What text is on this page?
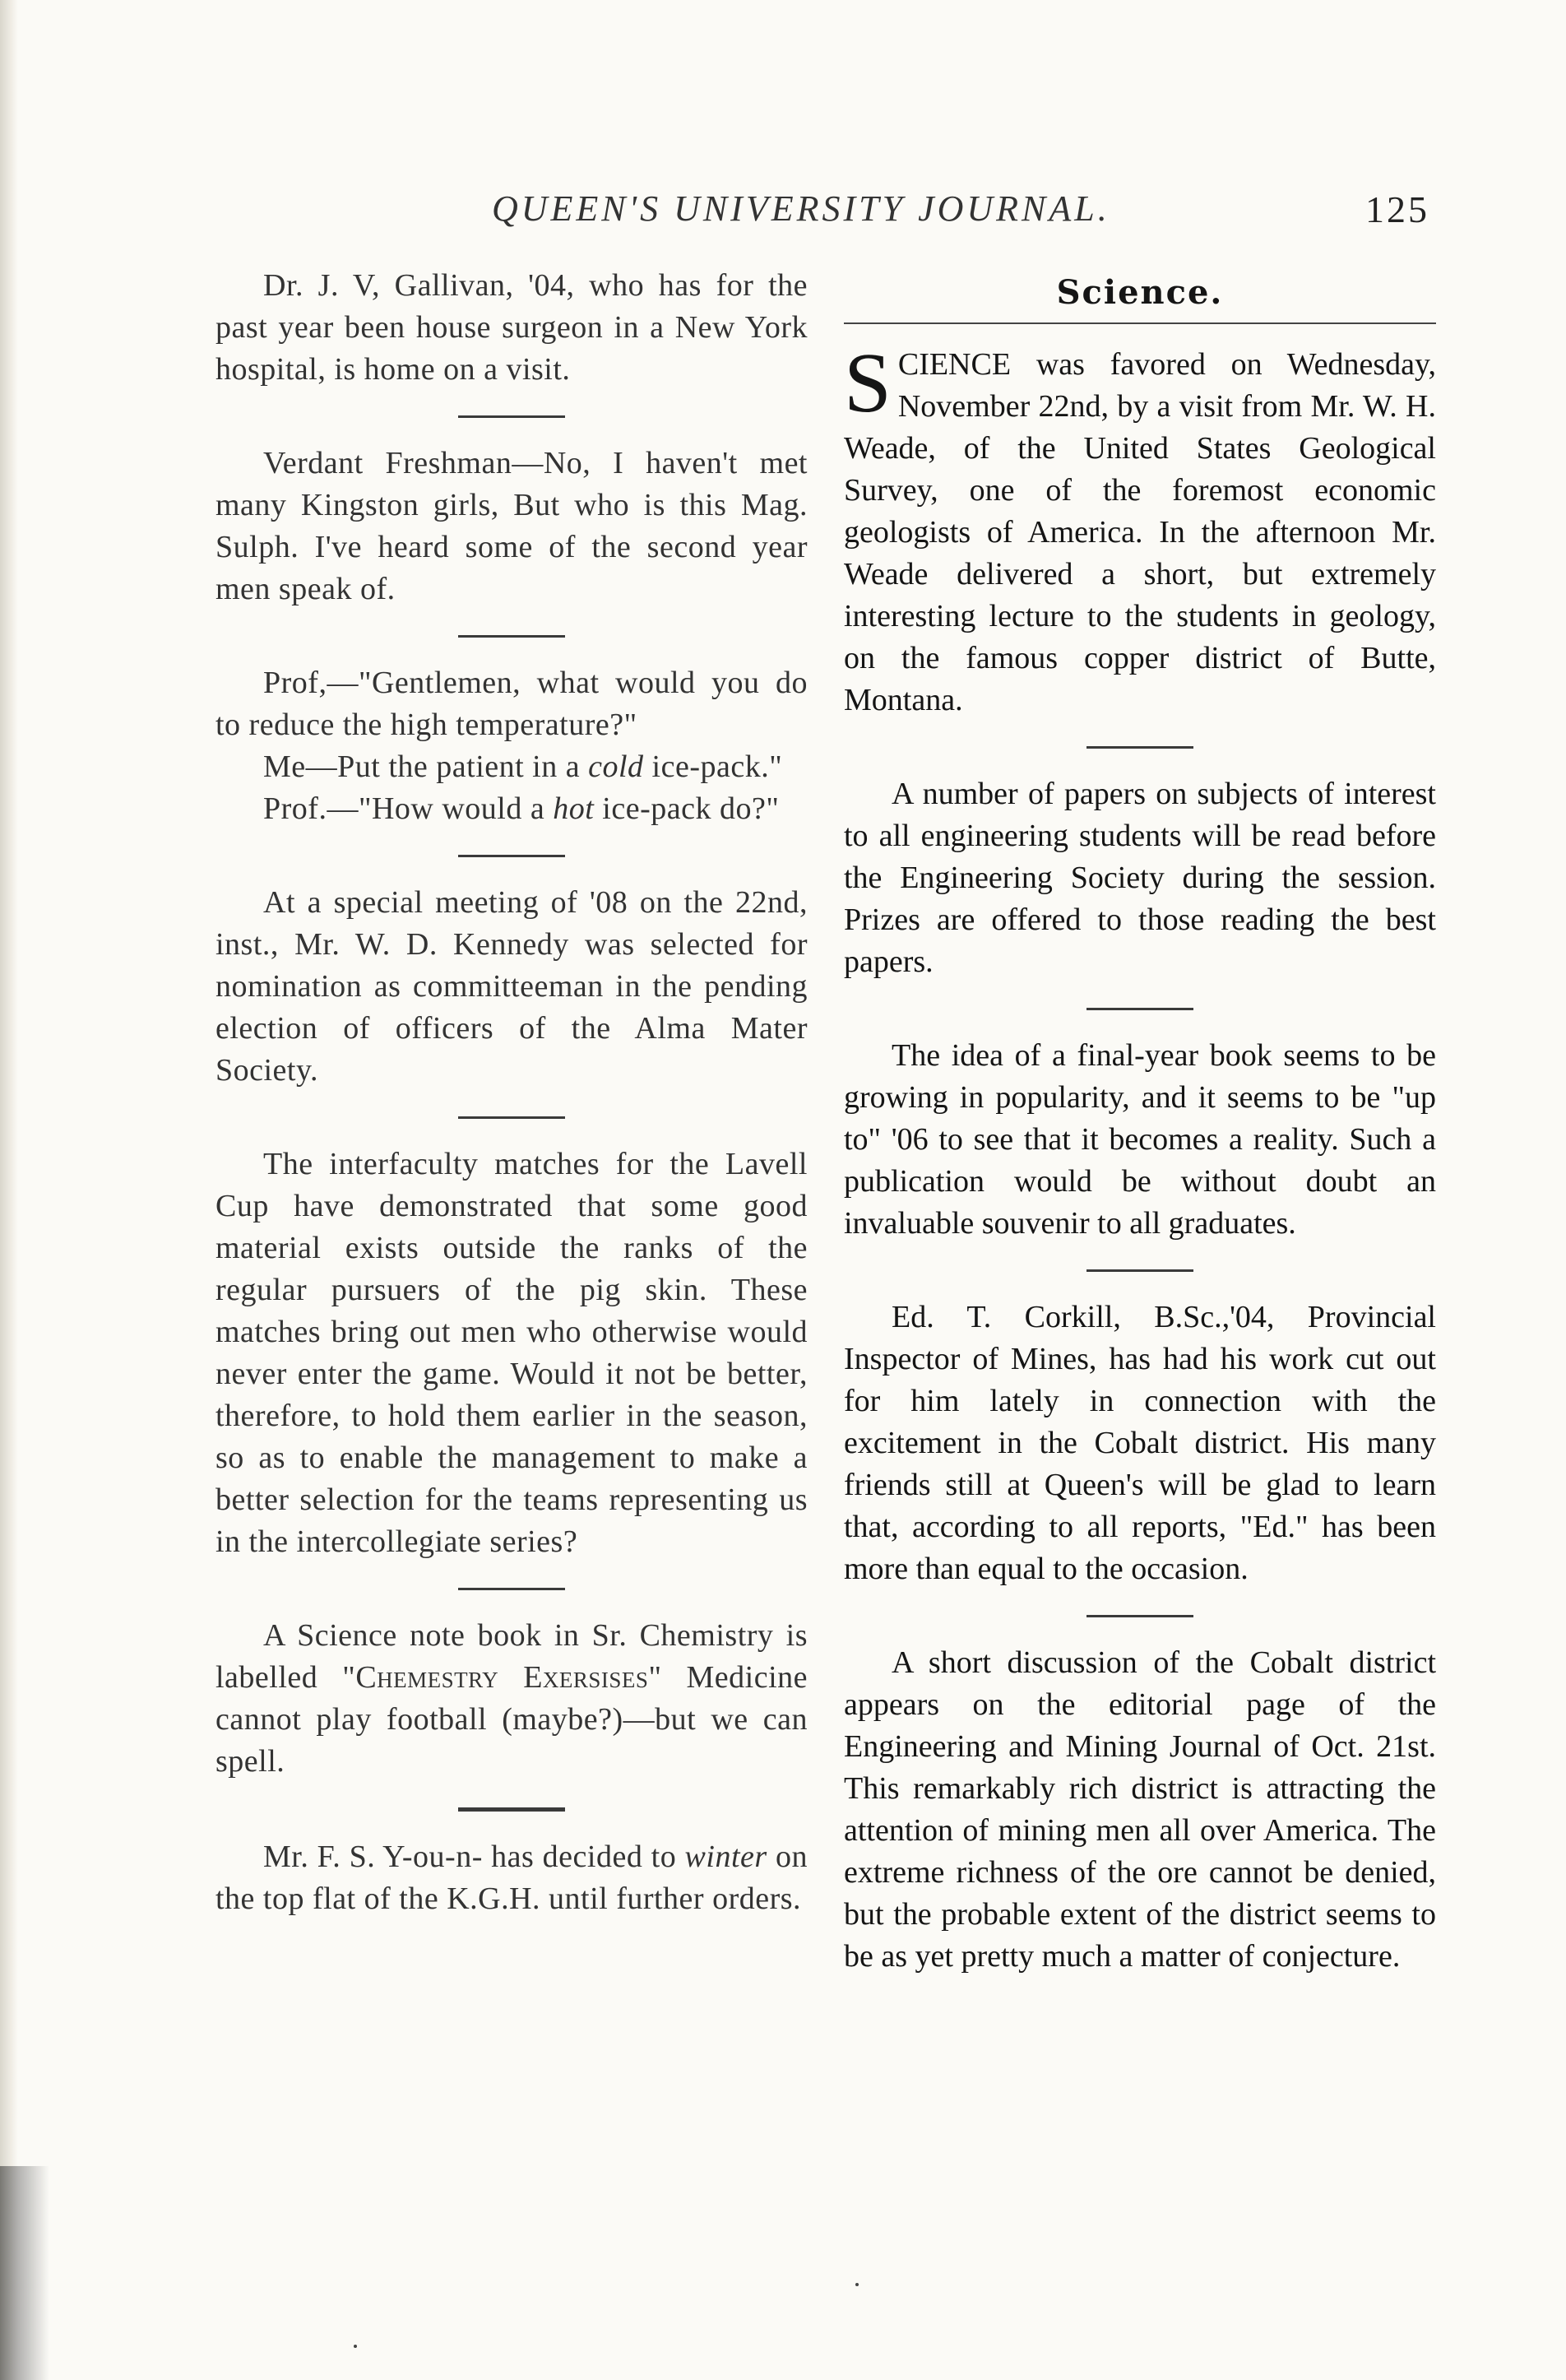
QUEEN'S UNIVERSITY JOURNAL.	125

Dr. J. V, Gallivan, '04, who has for the past year been house surgeon in a New York hospital, is home on a visit.

Verdant Freshman—No, I haven't met many Kingston girls, But who is this Mag. Sulph. I've heard some of the second year men speak of.

Prof,—"Gentlemen, what would you do to reduce the high temperature?"

Me—Put the patient in a cold ice-pack."

Prof.—"How would a hot ice-pack do?"

At a special meeting of '08 on the 22nd, inst., Mr. W. D. Kennedy was selected for nomination as committeeman in the pending election of officers of the Alma Mater Society.

The interfaculty matches for the Lavell Cup have demonstrated that some good material exists outside the ranks of the regular pursuers of the pig skin. These matches bring out men who otherwise would never enter the game. Would it not be better, therefore, to hold them earlier in the season, so as to enable the management to make a better selection for the teams representing us in the intercollegiate series?

A Science note book in Sr. Chemistry is labelled "Chemestry Exersises" Medicine cannot play football (maybe?)—but we can spell.

Mr. F. S. Y-ou-n- has decided to winter on the top flat of the K.G.H. until further orders.

Science.

SCIENCE was favored on Wednesday, November 22nd, by a visit from Mr. W. H. Weade, of the United States Geological Survey, one of the foremost economic geologists of America. In the afternoon Mr. Weade delivered a short, but extremely interesting lecture to the students in geology, on the famous copper district of Butte, Montana.

A number of papers on subjects of interest to all engineering students will be read before the Engineering Society during the session. Prizes are offered to those reading the best papers.

The idea of a final-year book seems to be growing in popularity, and it seems to be "up to" '06 to see that it becomes a reality. Such a publication would be without doubt an invaluable souvenir to all graduates.

Ed. T. Corkill, B.Sc.,'04, Provincial Inspector of Mines, has had his work cut out for him lately in connection with the excitement in the Cobalt district. His many friends still at Queen's will be glad to learn that, according to all reports, "Ed." has been more than equal to the occasion.

A short discussion of the Cobalt district appears on the editorial page of the Engineering and Mining Journal of Oct. 21st. This remarkably rich district is attracting the attention of mining men all over America. The extreme richness of the ore cannot be denied, but the probable extent of the district seems to be as yet pretty much a matter of conjecture.
